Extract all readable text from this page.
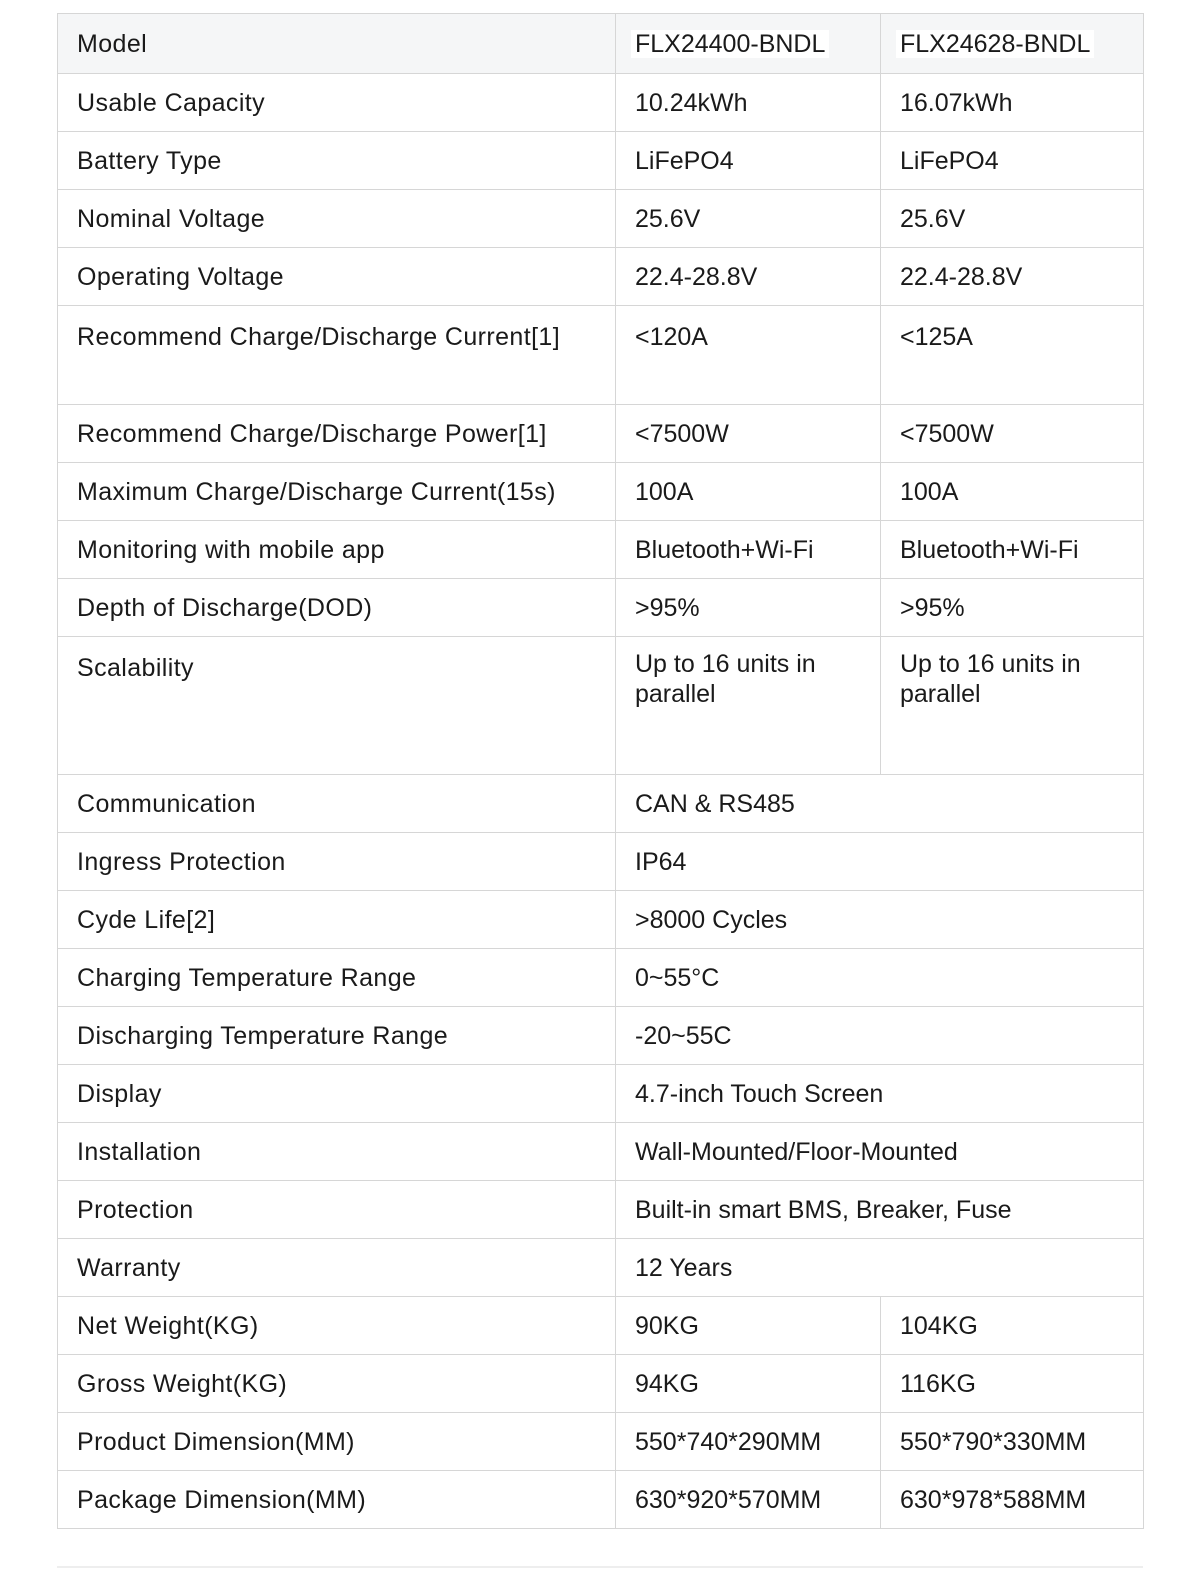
Model	FLX24400-BNDL	FLX24628-BNDL
Usable Capacity	10.24kWh	16.07kWh
Battery Type	LiFePO4	LiFePO4
Nominal Voltage	25.6V	25.6V
Operating Voltage	22.4-28.8V	22.4-28.8V
Recommend Charge/Discharge Current[1]	<120A	<125A
Recommend Charge/Discharge Power[1]	<7500W	<7500W
Maximum Charge/Discharge Current(15s)	100A	100A
Monitoring with mobile app	Bluetooth+Wi-Fi	Bluetooth+Wi-Fi
Depth of Discharge(DOD)	>95%	>95%
Scalability	Up to 16 units in parallel	Up to 16 units in parallel
Communication	CAN & RS485	
Ingress Protection	IP64	
Cyde Life[2]	>8000 Cycles	
Charging Temperature Range	0~55°C	
Discharging Temperature Range	-20~55C	
Display	4.7-inch Touch Screen	
Installation	Wall-Mounted/Floor-Mounted	
Protection	Built-in smart BMS, Breaker, Fuse	
Warranty	12 Years	
Net Weight(KG)	90KG	104KG
Gross Weight(KG)	94KG	116KG
Product Dimension(MM)	550*740*290MM	550*790*330MM
Package Dimension(MM)	630*920*570MM	630*978*588MM
